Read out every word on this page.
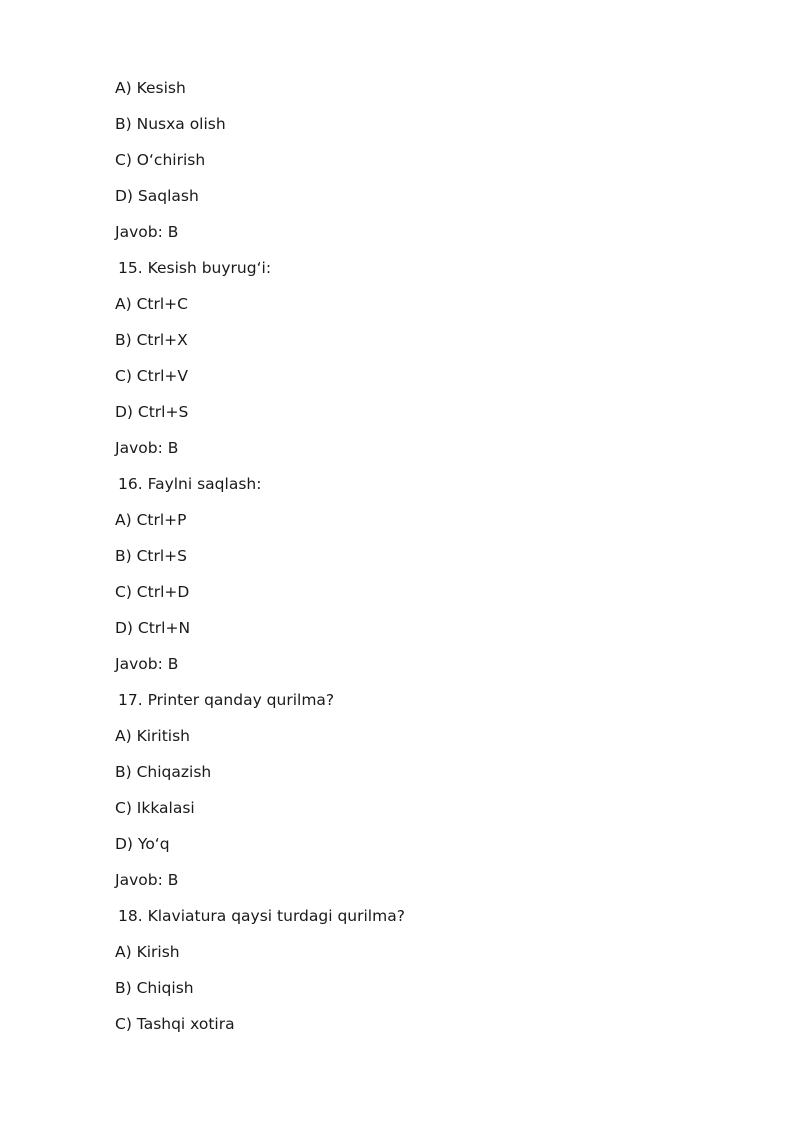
A) Kesish
B) Nusxa olish
C) O‘chirish
D) Saqlash
Javob: B
15. Kesish buyrug‘i:
A) Ctrl+C
B) Ctrl+X
C) Ctrl+V
D) Ctrl+S
Javob: B
16. Faylni saqlash:
A) Ctrl+P
B) Ctrl+S
C) Ctrl+D
D) Ctrl+N
Javob: B
17. Printer qanday qurilma?
A) Kiritish
B) Chiqazish
C) Ikkalasi
D) Yo‘q
Javob: B
18. Klaviatura qaysi turdagi qurilma?
A) Kirish
B) Chiqish
C) Tashqi xotira
